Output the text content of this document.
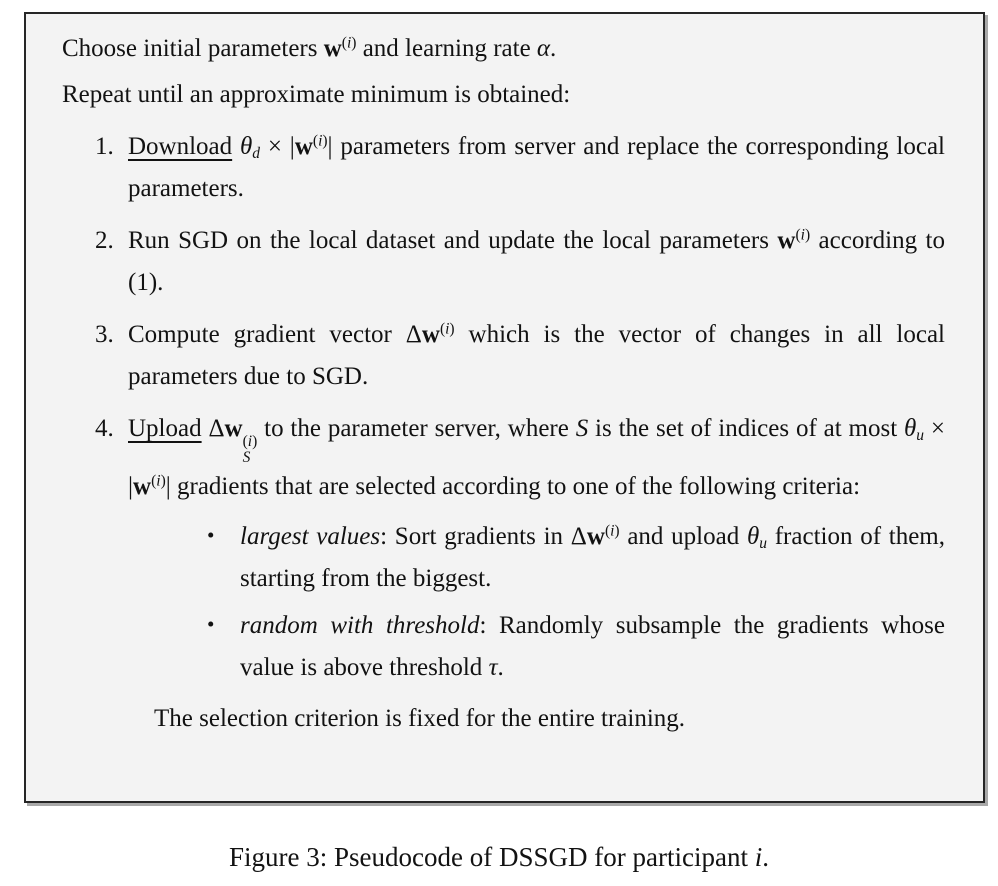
Choose initial parameters $w^{(i)}$ and learning rate α.
Repeat until an approximate minimum is obtained:
1. Download $\theta d \times |w^{(i)}|$ parameters from server and replace the corresponding local parameters.
2. Run SGD on the local dataset and update the local parameters $w^{(i)}$ according to (1).
3. Compute gradient vector $\Delta w^{(i)}$ which is the vector of changes in all local parameters due to SGD.
4. Upload Δw (i)
S
to the parameter server, where S is the set of indices of at most $\theta u \times |w^{(i)}|$ gradients that are selected according to one of the following criteria:
•	largest values: Sort gradients in $\Delta w^{(i)}$ and upload θu fraction of them, starting from the biggest.
•	random with threshold: Randomly subsample the gradients whose value is above threshold τ.
The selection criterion is fixed for the entire training.
Figure 3: Pseudocode of DSSGD for participant i.
